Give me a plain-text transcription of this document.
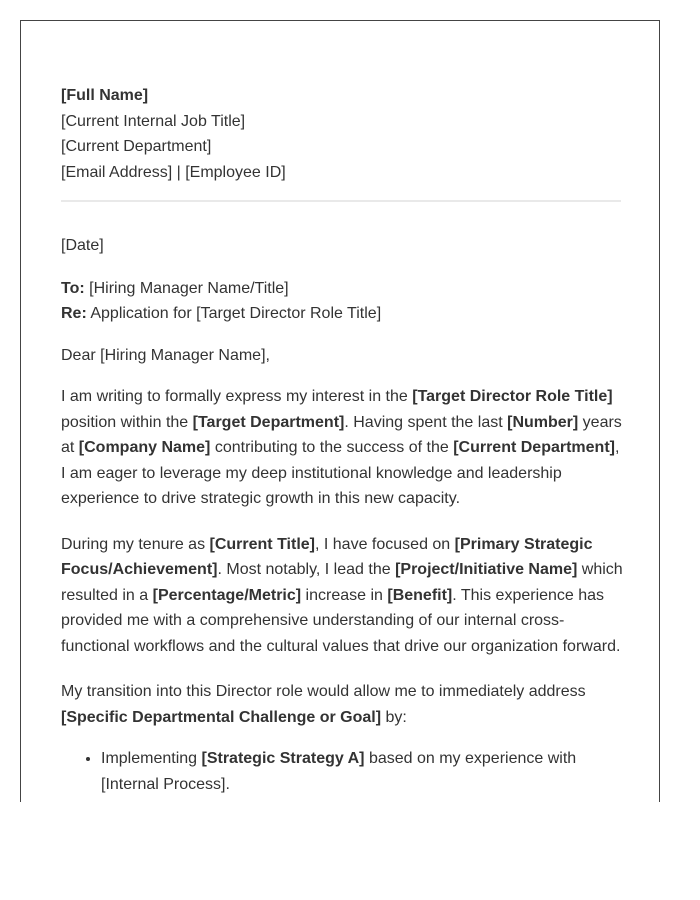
[Full Name]

[Current Internal Job Title]

[Current Department]

[Email Address] | [Employee ID]

[Date]

To: [Hiring Manager Name/Title]

Re: Application for [Target Director Role Title]

Dear [Hiring Manager Name],

I am writing to formally express my interest in the [Target Director Role Title] position within the [Target Department]. Having spent the last [Number] years at [Company Name] contributing to the success of the [Current Department], I am eager to leverage my deep institutional knowledge and leadership experience to drive strategic growth in this new capacity.

During my tenure as [Current Title], I have focused on [Primary Strategic Focus/Achievement]. Most notably, I lead the [Project/Initiative Name] which resulted in a [Percentage/Metric] increase in [Benefit]. This experience has provided me with a comprehensive understanding of our internal cross-functional workflows and the cultural values that drive our organization forward.

My transition into this Director role would allow me to immediately address [Specific Departmental Challenge or Goal] by:

• Implementing [Strategic Strategy A] based on my experience with [Internal Process].
